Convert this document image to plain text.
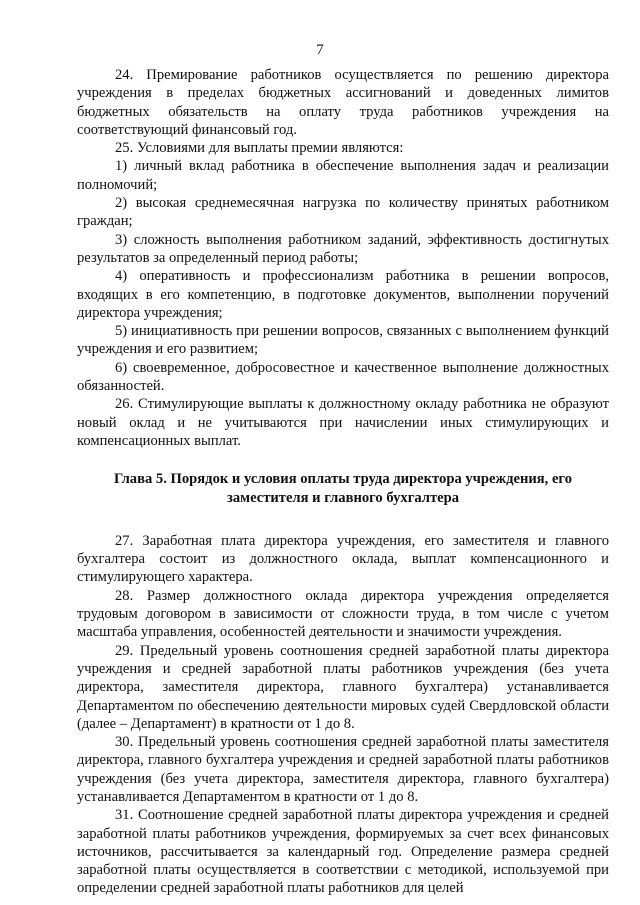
7

24. Премирование работников осуществляется по решению директора учреждения в пределах бюджетных ассигнований и доведенных лимитов бюджетных обязательств на оплату труда работников учреждения на соответствующий финансовый год.

25. Условиями для выплаты премии являются:

1) личный вклад работника в обеспечение выполнения задач и реализации полномочий;

2) высокая среднемесячная нагрузка по количеству принятых работником граждан;

3) сложность выполнения работником заданий, эффективность достигнутых результатов за определенный период работы;

4) оперативность и профессионализм работника в решении вопросов, входящих в его компетенцию, в подготовке документов, выполнении поручений директора учреждения;

5) инициативность при решении вопросов, связанных с выполнением функций учреждения и его развитием;

6) своевременное, добросовестное и качественное выполнение должностных обязанностей.

26. Стимулирующие выплаты к должностному окладу работника не образуют новый оклад и не учитываются при начислении иных стимулирующих и компенсационных выплат.

Глава 5. Порядок и условия оплаты труда директора учреждения, его заместителя и главного бухгалтера

27. Заработная плата директора учреждения, его заместителя и главного бухгалтера состоит из должностного оклада, выплат компенсационного и стимулирующего характера.

28. Размер должностного оклада директора учреждения определяется трудовым договором в зависимости от сложности труда, в том числе с учетом масштаба управления, особенностей деятельности и значимости учреждения.

29. Предельный уровень соотношения средней заработной платы директора учреждения и средней заработной платы работников учреждения (без учета директора, заместителя директора, главного бухгалтера) устанавливается Департаментом по обеспечению деятельности мировых судей Свердловской области (далее – Департамент) в кратности от 1 до 8.

30. Предельный уровень соотношения средней заработной платы заместителя директора, главного бухгалтера учреждения и средней заработной платы работников учреждения (без учета директора, заместителя директора, главного бухгалтера) устанавливается Департаментом в кратности от 1 до 8.

31. Соотношение средней заработной платы директора учреждения и средней заработной платы работников учреждения, формируемых за счет всех финансовых источников, рассчитывается за календарный год. Определение размера средней заработной платы осуществляется в соответствии с методикой, используемой при определении средней заработной платы работников для целей
